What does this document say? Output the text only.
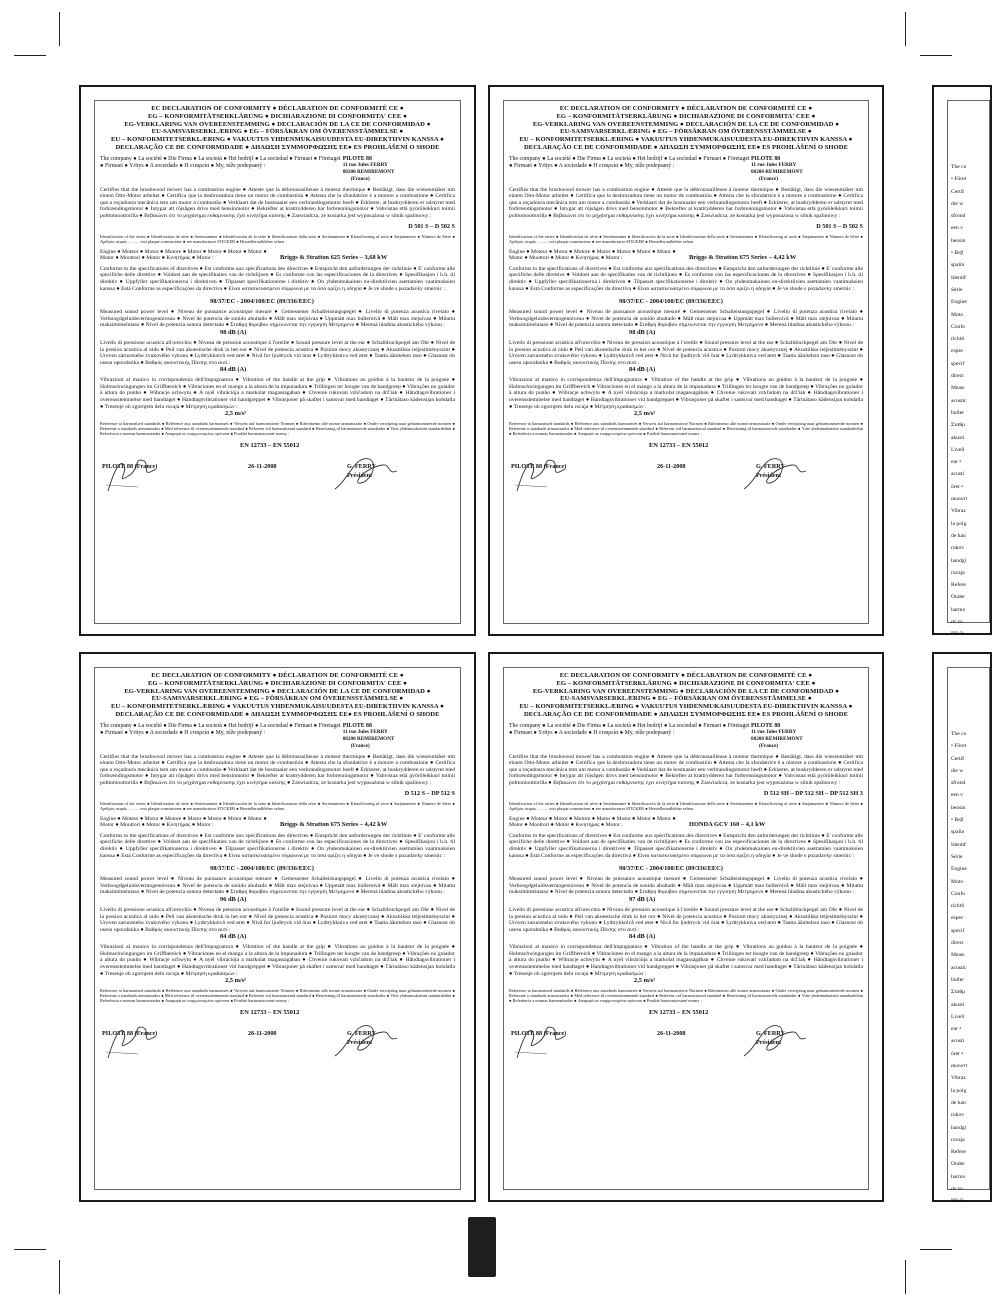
EC DECLARATION OF CONFORMITY ● DÉCLARATION DE CONFORMITÉ CE ●
EG – KONFORMITÄTSERKLÄRUNG ● DICHIARAZIONE DI CONFORMITA' CEE ●
EG-VERKLARING VAN OVEREENSTEMMING ● DECLARACIÓN DE LA CE DE CONFORMIDAD ●
EU-SAMSVARSERKLÆRING ● EG – FÖRSÄKRAN OM ÖVERENSSTÄMMELSE ●
EU – KONFORMITETSERKLÆRING ● VAKUUTUS YHDENMUKAISUUDESTA EU-DIREKTIIVIN KANSSA ●
DECLARAÇÃO CE DE CONFORMIDADE ● ΔΗΛΩΣΗ ΣΥΜΜΟΡΦΩΣΗΣ ΕΕ● ES PROHLÁŠENÍ O SHODE
The company ● La société ● Die Firma ● La società ● Het bedrijf ● La sociedad ● Firmaet ● Företaget ● Firmaet ● Yritys ● A sociedade ● Η εταιρεία ● My, níže podepsaný :
PILOTE 88
11 rue Jules FERRY
88200 REMIREMONT
(France)
Certifies that the brushwood mower has a combustion engine ● Atteste que la débroussailleuse à moteur thermique ● Bestätigt, dass die wiesenmäher mit einem Otto-Motor arbeitet ● Certifica que la desbrozadora tiene un motor de combustión ● Attesta che la sfondatrice è a motore a combustione ● Certifica que a roçadoura mecânica tem um motor a combustão ● Verklaart dat de bosmaaier een verbrandingsmotor heeft ● Erklærer, at buskrydderen er udstyret med forbrændingsmotor ● Intygar att röjsågen drivs med bensinmotor ● Bekrefter at krattrydderen har forbrenningsmotor ● Vahvistaa että pyöröleikkuri toimii polttomoottorilla ● Βεβαιώνει ότι το μηχάνημα εκθαμνωσης έχει κινητήρα καύσης ● Zaswiadcza, ze kosiarka jest wyposażona w silnik spalinowy :
D 501 S – D 502 S
Identification of the series ● Identification de série ● Serienummer ● Identificación de la serie ● Identificazione della serie ● Serienummer ● Klassificering af serie ● Sarjanumero ● Número de Série ● Αριθμός σειράς : ........ voir plaque constructeur ● see manufacturer STICKER ● Herstelleraufkleber sehen.
Engine ● Moteur ● Motor ● Motore ● Motor ● Motor ● Motor ● Motor ● Motor ● Moottori ● Motor ● Κινητήρας ● Motor :	Briggs & Stratton 625 Series – 3,68 kW
Conforms to the specifications of directives ● Est conforme aux spécifications des directives ● Entspricht den anforderungen der richtlinie ● E' conforme alle specifiche delle direttive ● Voldoet aan de specifikaties van de richtlijnen ● Es conforme con las especificaciones de la directives ● Spesifikasjon i h.h. til direktiv ● Uppfyller specifikationerna i direktiven ● Tilpasset specifikationerne i direktiv ● On yhdenmukainen eu-direktiivien asettamien vaatimuksien kanssa ● Está Conforme as especificações da directiva ● Είναι κατασκευασμένο σύμφωνα με τα όσα ορίζει η οδηγία ● Je ve shode s pozadavky smernic :
98/37/EC - 2004/108/EC (89/336/EEC)
Measured sound power level ● Niveau de puissance acoustique mesuré ● Gemessener Schalleistungspegel ● Livello di potenza acustica rivelato ● Verhoogdgeluidsvermogenniveau ● Nivel de potencia de sonido ahultado ● Mält max stejnivaa ● Uppmätt max bullernivå ● Mält max stejnivau ● Mitattu maksimimelutaso ● Nível de potencia sonora detectado ● Σταθμη θορυβου σημειωνεται την εγγυηση Μετρημενο ● Merená hladina akustického výkonu :
98 dB (A)
Livello di pressione acustica all'orecchio ● Niveau de pression acoustique à l'oreille ● Sound pressure level at the ear ● Schalldruckpegel am Ohr ● Nivel de la presion acustica al oido ● Peil van akoestische druk in het oor ● Nível de potencia acustica ● Poziom mocy akustycznej ● Akustiikka teljesitményszint ● Uroven zaruceneho zvukového vykonu ● Lydtrykknivå ved øret ● Nivå for ljudtryck vid örat ● Lydtrykkniva ved øret ● Taatta äänitehon taso ● Glasnost ob usesu uporabnika ● Βαθμός ακουστικής Πίεσης στο αυτί :
84 dB (A)
Vibrazioni al manico in corrispondenza dell'impugnatura ● Vibration of the handle at the grip ● Vibrations au guidon à la hauteur de la poignée ● Holmschwingungen im Griffbereich ● Vibraciones en el mango a la altura de la impunadura ● Trillingen ter hoogte van de handgreep ● Vibrações no guiador à altura do punho ● Wibracje uchwytu ● A nyél vibrációja a markolat magasságában ● Chvenie rukovati vzhľadom na drž'iak ● Håndtagsvibrationer i overensstemmelse med handtaget ● Handtagsvibrationer vid handgreppet ● Vibrasjoner på skaftet i samsvar med handtaget ● Tärinätaso kädensijan kohdalla ● Tresenje ob zgornjem delu rocaja ● Μέτρηση κραδασμών :
2,5 m/s²
Reference to harmonised standards ● Référence aux standards harmonisés ● Verweis auf harmonisierte Normen ● Riferimento alle norme armonizzate ● Onder verwijzing naar geharmoniseerde normen ● Referente a standards armonizados ● Med reference til overensstemmende standard ● Referens vid harmoniserad standard ● Henvisning til harmoniserede standarder ● Viite yhdenmukaisiin standardeihin ● Referência a normas harmonizadas ● Αναφορά σε εναρμονισμένα πρότυπα ● Použité harmonizované normy :
EN 12733 – EN 55012
PILOTE 88 (France)	26-11-2008	G. FERRY
Président
EC DECLARATION OF CONFORMITY ● DÉCLARATION DE CONFORMITÉ CE ●
EG – KONFORMITÄTSERKLÄRUNG ● DICHIARAZIONE DI CONFORMITA' CEE ●
EG-VERKLARING VAN OVEREENSTEMMING ● DECLARACIÓN DE LA CE DE CONFORMIDAD ●
EU-SAMSVARSERKLÆRING ● EG – FÖRSÄKRAN OM ÖVERENSSTÄMMELSE ●
EU – KONFORMITETSERKLÆRING ● VAKUUTUS YHDENMUKAISUUDESTA EU-DIREKTIIVIN KANSSA ●
DECLARAÇÃO CE DE CONFORMIDADE ● ΔΗΛΩΣΗ ΣΥΜΜΟΡΦΩΣΗΣ ΕΕ● ES PROHLÁŠENÍ O SHODE
The company ● La société ● Die Firma ● La società ● Het bedrijf ● La sociedad ● Firmaet ● Företaget ● Firmaet ● Yritys ● A sociedade ● Η εταιρεία ● My, níže podepsaný :
PILOTE 88
11 rue Jules FERRY
88200 REMIREMONT
(France)
Certifies that the brushwood mower has a combustion engine ● Atteste que la débroussailleuse à moteur thermique ● Bestätigt, dass die wiesenmäher mit einem Otto-Motor arbeitet ● Certifica que la desbrozadora tiene un motor de combustión ● Attesta che la sfondatrice è a motore a combustione ● Certifica que a roçadoura mecânica tem um motor a combustão ● Verklaart dat de bosmaaier een verbrandingsmotor heeft ● Erklærer, at buskrydderen er udstyret med forbrændingsmotor ● Intygar att röjsågen drivs med bensinmotor ● Bekrefter at krattrydderen har forbrenningsmotor ● Vahvistaa että pyöröleikkuri toimii polttomoottorilla ● Βεβαιώνει ότι το μηχάνημα εκθαμνωσης έχει κινητήρα καύσης ● Zaswiadcza, ze kosiarka jest wyposażona w silnik spalinowy :
D 501 S – D 502 S
Identification of the series ● Identification de série ● Serienummer ● Identificación de la serie ● Identificazione della serie ● Serienummer ● Klassificering af serie ● Sarjanumero ● Número de Série ● Αριθμός σειράς : ........ voir plaque constructeur ● see manufacturer STICKER ● Herstelleraufkleber sehen.
Engine ● Moteur ● Motor ● Motore ● Motor ● Motor ● Motor ● Motor ● Motor ● Moottori ● Motor ● Κινητήρας ● Motor :	Briggs & Stratton 675 Series – 4,42 kW
Conforms to the specifications of directives ● Est conforme aux spécifications des directives ● Entspricht den anforderungen der richtlinie ● E' conforme alle specifiche delle direttive ● Voldoet aan de specifikaties van de richtlijnen ● Es conforme con las especificaciones de la directives ● Spesifikasjon i h.h. til direktiv ● Uppfyller specifikationerna i direktiven ● Tilpasset specifikationerne i direktiv ● On yhdenmukainen eu-direktiivien asettamien vaatimuksien kanssa ● Está Conforme as especificações da directiva ● Είναι κατασκευασμένο σύμφωνα με τα όσα ορίζει η οδηγία ● Je ve shode s pozadavky smernic :
98/37/EC - 2004/108/EC (89/336/EEC)
Measured sound power level ● Niveau de puissance acoustique mesuré ● Gemessener Schalleistungspegel ● Livello di potenza acustica rivelato ● Verhoogdgeluidsvermogenniveau ● Nivel de potencia de sonido ahultado ● Mält max stejnivaa ● Uppmätt max bullernivå ● Mält max stejnivau ● Mitattu maksimimelutaso ● Nível de potencia sonora detectado ● Σταθμη θορυβου σημειωνεται την εγγυηση Μετρημενο ● Merená hladina akustického výkonu :
98 dB (A)
Livello di pressione acustica all'orecchio ● Niveau de pression acoustique à l'oreille ● Sound pressure level at the ear ● Schalldruckpegel am Ohr ● Nivel de la presion acustica al oido ● Peil van akoestische druk in het oor ● Nível de potencia acustica ● Poziom mocy akustycznej ● Akustiikka teljesitményszint ● Uroven zaruceneho zvukového vykonu ● Lydtrykknivå ved øret ● Nivå for ljudtryck vid örat ● Lydtrykkniva ved øret ● Taatta äänitehon taso ● Glasnost ob usesu uporabnika ● Βαθμός ακουστικής Πίεσης στο αυτί :
84 dB (A)
Vibrazioni al manico in corrispondenza dell'impugnatura ● Vibration of the handle at the grip ● Vibrations au guidon à la hauteur de la poignée ● Holmschwingungen im Griffbereich ● Vibraciones en el mango a la altura de la impunadura ● Trillingen ter hoogte van de handgreep ● Vibrações no guiador à altura do punho ● Wibracje uchwytu ● A nyél vibrációja a markolat magasságában ● Chvenie rukovati vzhľadom na drž'iak ● Håndtagsvibrationer i overensstemmelse med handtaget ● Handtagsvibrationer vid handgreppet ● Vibrasjoner på skaftet i samsvar med handtaget ● Tärinätaso kädensijan kohdalla ● Tresenje ob zgornjem delu rocaja ● Μέτρηση κραδασμών :
2,5 m/s²
Reference to harmonised standards ● Référence aux standards harmonisés ● Verweis auf harmonisierte Normen ● Riferimento alle norme armonizzate ● Onder verwijzing naar geharmoniseerde normen ● Referente a standards armonizados ● Med reference til overensstemmende standard ● Referens vid harmoniserad standard ● Henvisning til harmoniserede standarder ● Viite yhdenmukaisiin standardeihin ● Referência a normas harmonizadas ● Αναφορά σε εναρμονισμένα πρότυπα ● Použité harmonizované normy :
EN 12733 – EN 55012
PILOTE 88 (France)	26-11-2008	G. FERRY
Président
EC DECLARATION OF CONFORMITY ● DÉCLARATION DE CONFORMITÉ CE ●
EG – KONFORMITÄTSERKLÄRUNG ● DICHIARAZIONE DI CONFORMITA' CEE ●
EG-VERKLARING VAN OVEREENSTEMMING ● DECLARACIÓN DE LA CE DE CONFORMIDAD ●
EU-SAMSVARSERKLÆRING ● EG – FÖRSÄKRAN OM ÖVERENSSTÄMMELSE ●
EU – KONFORMITETSERKLÆRING ● VAKUUTUS YHDENMUKAISUUDESTA EU-DIREKTIIVIN KANSSA ●
DECLARAÇÃO CE DE CONFORMIDADE ● ΔΗΛΩΣΗ ΣΥΜΜΟΡΦΩΣΗΣ ΕΕ● ES PROHLÁŠENÍ O SHODE
The company ● La société ● Die Firma ● La società ● Het bedrijf ● La sociedad ● Firmaet ● Företaget ● Firmaet ● Yritys ● A sociedade ● Η εταιρεία ● My, níže podepsaný :
PILOTE 88
11 rue Jules FERRY
88200 REMIREMONT
(France)
Certifies that the brushwood mower has a combustion engine ● Atteste que la débroussailleuse à moteur thermique ● Bestätigt, dass die wiesenmäher mit einem Otto-Motor arbeitet ● Certifica que la desbrozadora tiene un motor de combustión ● Attesta che la sfondatrice è a motore a combustione ● Certifica que a roçadoura mecânica tem um motor a combustão ● Verklaart dat de bosmaaier een verbrandingsmotor heeft ● Erklærer, at buskrydderen er udstyret med forbrændingsmotor ● Intygar att röjsågen drivs med bensinmotor ● Bekrefter at krattrydderen har forbrenningsmotor ● Vahvistaa että pyöröleikkuri toimii polttomoottorilla ● Βεβαιώνει ότι το μηχάνημα εκθαμνωσης έχει κινητήρα καύσης ● Zaswiadcza, ze kosiarka jest wyposażona w silnik spalinowy :
D 512 S – DP 512 S
Identification of the series ● Identification de série ● Serienummer ● Identificación de la serie ● Identificazione della serie ● Serienummer ● Klassificering af serie ● Sarjanumero ● Número de Série ● Αριθμός σειράς : ........ voir plaque constructeur ● see manufacturer STICKER ● Herstelleraufkleber sehen.
Engine ● Moteur ● Motor ● Motore ● Motor ● Motor ● Motor ● Motor ● Motor ● Moottori ● Motor ● Κινητήρας ● Motor :	Briggs & Stratton 675 Series – 4,42 kW
Conforms to the specifications of directives ● Est conforme aux spécifications des directives ● Entspricht den anforderungen der richtlinie ● E' conforme alle specifiche delle direttive ● Voldoet aan de specifikaties van de richtlijnen ● Es conforme con las especificaciones de la directives ● Spesifikasjon i h.h. til direktiv ● Uppfyller specifikationerna i direktiven ● Tilpasset specifikationerne i direktiv ● On yhdenmukainen eu-direktiivien asettamien vaatimuksien kanssa ● Está Conforme as especificações da directiva ● Είναι κατασκευασμένο σύμφωνα με τα όσα ορίζει η οδηγία ● Je ve shode s pozadavky smernic :
98/37/EC - 2004/108/EC (89/336/EEC)
Measured sound power level ● Niveau de puissance acoustique mesuré ● Gemessener Schalleistungspegel ● Livello di potenza acustica rivelato ● Verhoogdgeluidsvermogenniveau ● Nivel de potencia de sonido ahultado ● Mält max stejnivaa ● Uppmätt max bullernivå ● Mält max stejnivau ● Mitattu maksimimelutaso ● Nível de potencia sonora detectado ● Σταθμη θορυβου σημειωνεται την εγγυηση Μετρημενο ● Merená hladina akustického výkonu :
96 dB (A)
Livello di pressione acustica all'orecchio ● Niveau de pression acoustique à l'oreille ● Sound pressure level at the ear ● Schalldruckpegel am Ohr ● Nivel de la presion acustica al oido ● Peil van akoestische druk in het oor ● Nível de potencia acustica ● Poziom mocy akustycznej ● Akustiikka teljesitményszint ● Uroven zaruceneho zvukového vykonu ● Lydtrykknivå ved øret ● Nivå for ljudtryck vid örat ● Lydtrykkniva ved øret ● Taatta äänitehon taso ● Glasnost ob usesu uporabnika ● Βαθμός ακουστικής Πίεσης στο αυτί :
84 dB (A)
Vibrazioni al manico in corrispondenza dell'impugnatura ● Vibration of the handle at the grip ● Vibrations au guidon à la hauteur de la poignée ● Holmschwingungen im Griffbereich ● Vibraciones en el mango a la altura de la impunadura ● Trillingen ter hoogte van de handgreep ● Vibrações no guiador à altura do punho ● Wibracje uchwytu ● A nyél vibrációja a markolat magasságában ● Chvenie rukovati vzhľadom na drž'iak ● Håndtagsvibrationer i overensstemmelse med handtaget ● Handtagsvibrationer vid handgreppet ● Vibrasjoner på skaftet i samsvar med handtaget ● Tärinätaso kädensijan kohdalla ● Tresenje ob zgornjem delu rocaja ● Μέτρηση κραδασμών :
2,5 m/s²
Reference to harmonised standards ● Référence aux standards harmonisés ● Verweis auf harmonisierte Normen ● Riferimento alle norme armonizzate ● Onder verwijzing naar geharmoniseerde normen ● Referente a standards armonizados ● Med reference til overensstemmende standard ● Referens vid harmoniserad standard ● Henvisning til harmoniserede standarder ● Viite yhdenmukaisiin standardeihin ● Referência a normas harmonizadas ● Αναφορά σε εναρμονισμένα πρότυπα ● Použité harmonizované normy :
EN 12733 – EN 55012
PILOTE 88 (France)	26-11-2008	G. FERRY
Président
EC DECLARATION OF CONFORMITY ● DÉCLARATION DE CONFORMITÉ CE ●
EG – KONFORMITÄTSERKLÄRUNG ● DICHIARAZIONE DI CONFORMITA' CEE ●
EG-VERKLARING VAN OVEREENSTEMMING ● DECLARACIÓN DE LA CE DE CONFORMIDAD ●
EU-SAMSVARSERKLÆRING ● EG – FÖRSÄKRAN OM ÖVERENSSTÄMMELSE ●
EU – KONFORMITETSERKLÆRING ● VAKUUTUS YHDENMUKAISUUDESTA EU-DIREKTIIVIN KANSSA ●
DECLARAÇÃO CE DE CONFORMIDADE ● ΔΗΛΩΣΗ ΣΥΜΜΟΡΦΩΣΗΣ ΕΕ● ES PROHLÁŠENÍ O SHODE
The company ● La société ● Die Firma ● La società ● Het bedrijf ● La sociedad ● Firmaet ● Företaget ● Firmaet ● Yritys ● A sociedade ● Η εταιρεία ● My, níže podepsaný :
PILOTE 88
11 rue Jules FERRY
88200 REMIREMONT
(France)
Certifies that the brushwood mower has a combustion engine ● Atteste que la débroussailleuse à moteur thermique ● Bestätigt, dass die wiesenmäher mit einem Otto-Motor arbeitet ● Certifica que la desbrozadora tiene un motor de combustión ● Attesta che la sfondatrice è a motore a combustione ● Certifica que a roçadoura mecânica tem um motor a combustão ● Verklaart dat de bosmaaier een verbrandingsmotor heeft ● Erklærer, at buskrydderen er udstyret med forbrændingsmotor ● Intygar att röjsågen drivs med bensinmotor ● Bekrefter at krattrydderen har forbrenningsmotor ● Vahvistaa että pyöröleikkuri toimii polttomoottorilla ● Βεβαιώνει ότι το μηχάνημα εκθαμνωσης έχει κινητήρα καύσης ● Zaswiadcza, ze kosiarka jest wyposażona w silnik spalinowy :
D 512 SH – DP 512 SH – DP 512 SH 3
Identification of the series ● Identification de série ● Serienummer ● Identificación de la serie ● Identificazione della serie ● Serienummer ● Klassificering af serie ● Sarjanumero ● Número de Série ● Αριθμός σειράς : ........ voir plaque constructeur ● see manufacturer STICKER ● Herstelleraufkleber sehen.
Engine ● Moteur ● Motor ● Motore ● Motor ● Motor ● Motor ● Motor ● Motor ● Moottori ● Motor ● Κινητήρας ● Motor :	HONDA GCV 160 – 4,1 kW
Conforms to the specifications of directives ● Est conforme aux spécifications des directives ● Entspricht den anforderungen der richtlinie ● E' conforme alle specifiche delle direttive ● Voldoet aan de specifikaties van de richtlijnen ● Es conforme con las especificaciones de la directives ● Spesifikasjon i h.h. til direktiv ● Uppfyller specifikationerna i direktiven ● Tilpasset specifikationerne i direktiv ● On yhdenmukainen eu-direktiivien asettamien vaatimuksien kanssa ● Está Conforme as especificações da directiva ● Είναι κατασκευασμένο σύμφωνα με τα όσα ορίζει η οδηγία ● Je ve shode s pozadavky smernic :
98/37/EC - 2004/108/EC (89/336/EEC)
Measured sound power level ● Niveau de puissance acoustique mesuré ● Gemessener Schalleistungspegel ● Livello di potenza acustica rivelato ● Verhoogdgeluidsvermogenniveau ● Nivel de potencia de sonido ahultado ● Mält max stejnivaa ● Uppmätt max bullernivå ● Mält max stejnivau ● Mitattu maksimimelutaso ● Nível de potencia sonora detectado ● Σταθμη θορυβου σημειωνεται την εγγυηση Μετρημενο ● Merená hladina akustického výkonu :
97 dB (A)
Livello di pressione acustica all'orecchio ● Niveau de pression acoustique à l'oreille ● Sound pressure level at the ear ● Schalldruckpegel am Ohr ● Nivel de la presion acustica al oido ● Peil van akoestische druk in het oor ● Nível de potencia acustica ● Poziom mocy akustycznej ● Akustiikka teljesitményszint ● Uroven zaruceneho zvukového vykonu ● Lydtrykknivå ved øret ● Nivå for ljudtryck vid örat ● Lydtrykkniva ved øret ● Taatta äänitehon taso ● Glasnost ob usesu uporabnika ● Βαθμός ακουστικής Πίεσης στο αυτί :
84 dB (A)
Vibrazioni al manico in corrispondenza dell'impugnatura ● Vibration of the handle at the grip ● Vibrations au guidon à la hauteur de la poignée ● Holmschwingungen im Griffbereich ● Vibraciones en el mango a la altura de la impunadura ● Trillingen ter hoogte van de handgreep ● Vibrações no guiador à altura do punho ● Wibracje uchwytu ● A nyél vibrációja a markolat magasságában ● Chvenie rukovati vzhľadom na drž'iak ● Håndtagsvibrationer i overensstemmelse med handtaget ● Handtagsvibrationer vid handgreppet ● Vibrasjoner på skaftet i samsvar med handtaget ● Tärinätaso kädensijan kohdalla ● Tresenje ob zgornjem delu rocaja ● Μέτρηση κραδασμών :
2,5 m/s²
Reference to harmonised standards ● Référence aux standards harmonisés ● Verweis auf harmonisierte Normen ● Riferimento alle norme armonizzate ● Onder verwijzing naar geharmoniseerde normen ● Referente a standards armonizados ● Med reference til overensstemmende standard ● Referens vid harmoniserad standard ● Henvisning til harmoniserede standarder ● Viite yhdenmukaisiin standardeihin ● Referência a normas harmonizadas ● Αναφορά σε εναρμονισμένα πρότυπα ● Použité harmonizované normy :
EN 12733 – EN 55012
PILOTE 88 (France)	26-11-2008	G. FERRY
Président
The co
• Föret
Certif
die w
sfrond
een v
bensin
• Βεβ
spalin
Identif
Série
Engine
Moto
Confo
richtli
espec
specif
direct
Meası
acustic
buller
Σταθμ
akusti
Livell
ear •
acusti
öret •
ακουστ
Vibraz
la poig
de han
rukov
handgi
rocaja
Refere
Onder
harmo
σε εν
PILO
The co
• Föret
Certif
die w
sfrond
een v
bensin
• Βεβ
spalin
Identif
Série
Engine
Moto
Confo
richtli
espec
specif
direct
Meası
acustic
buller
Σταθμ
akusti
Livell
ear •
acusti
öret •
ακουστ
Vibraz
la poig
de han
rukov
handgi
rocaja
Refere
Onder
harmo
σε εν
PILO
